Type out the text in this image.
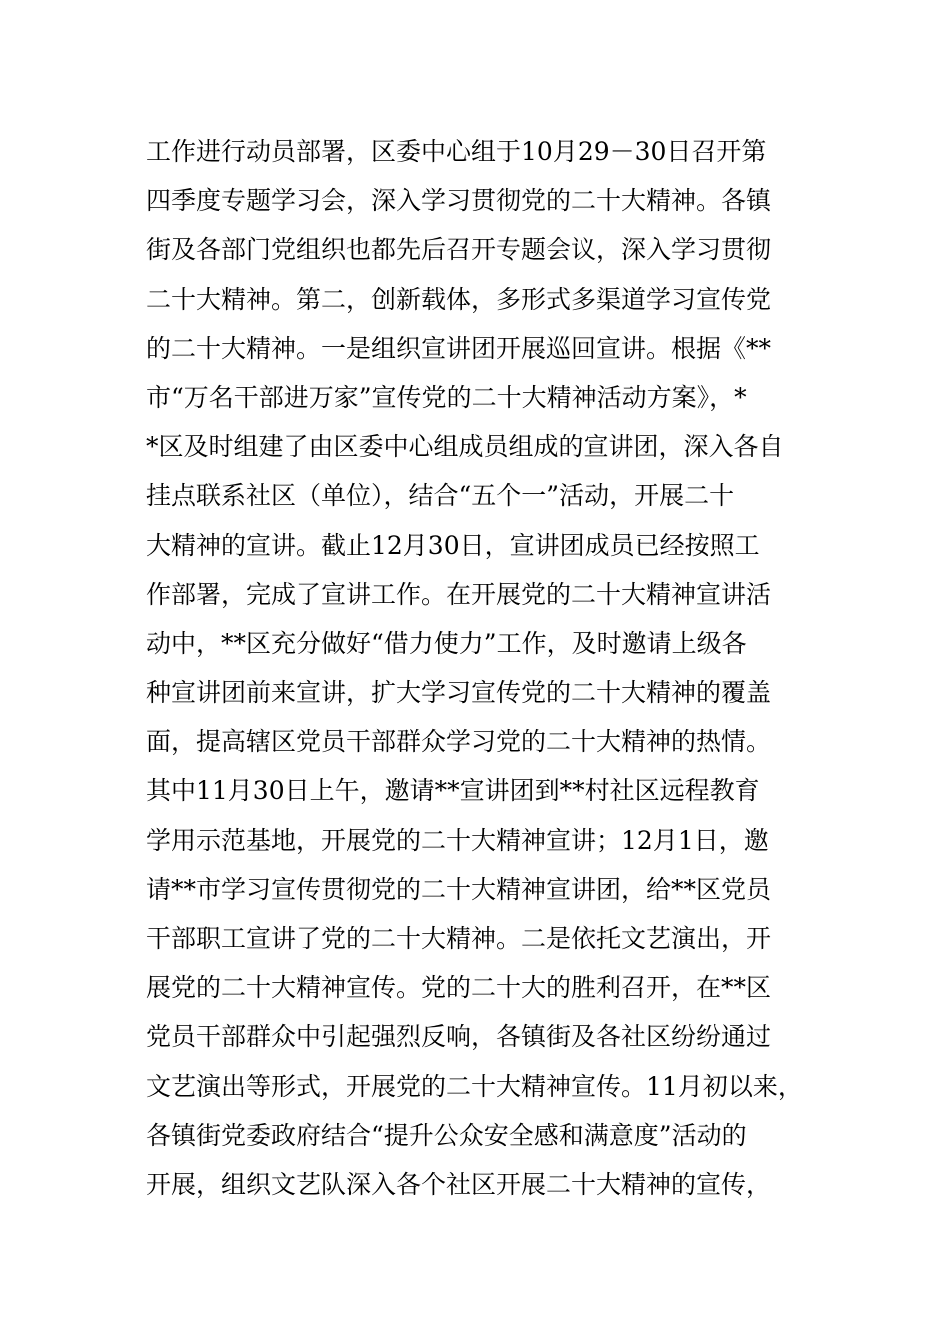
工作进行动员部署，区委中心组于10月29－30日召开第
四季度专题学习会，深入学习贯彻党的二十大精神。各镇
街及各部门党组织也都先后召开专题会议，深入学习贯彻
二十大精神。第二，创新载体，多形式多渠道学习宣传党
的二十大精神。一是组织宣讲团开展巡回宣讲。根据《**
市“万名干部进万家”宣传党的二十大精神活动方案》，*
*区及时组建了由区委中心组成员组成的宣讲团，深入各自
挂点联系社区（单位），结合“五个一”活动，开展二十
大精神的宣讲。截止12月30日，宣讲团成员已经按照工
作部署，完成了宣讲工作。在开展党的二十大精神宣讲活
动中，**区充分做好“借力使力”工作，及时邀请上级各
种宣讲团前来宣讲，扩大学习宣传党的二十大精神的覆盖
面，提高辖区党员干部群众学习党的二十大精神的热情。
其中11月30日上午，邀请**宣讲团到**村社区远程教育
学用示范基地，开展党的二十大精神宣讲；12月1日，邀
请**市学习宣传贯彻党的二十大精神宣讲团，给**区党员
干部职工宣讲了党的二十大精神。二是依托文艺演出，开
展党的二十大精神宣传。党的二十大的胜利召开，在**区
党员干部群众中引起强烈反响，各镇街及各社区纷纷通过
文艺演出等形式，开展党的二十大精神宣传。11月初以来，
各镇街党委政府结合“提升公众安全感和满意度”活动的
开展，组织文艺队深入各个社区开展二十大精神的宣传，
